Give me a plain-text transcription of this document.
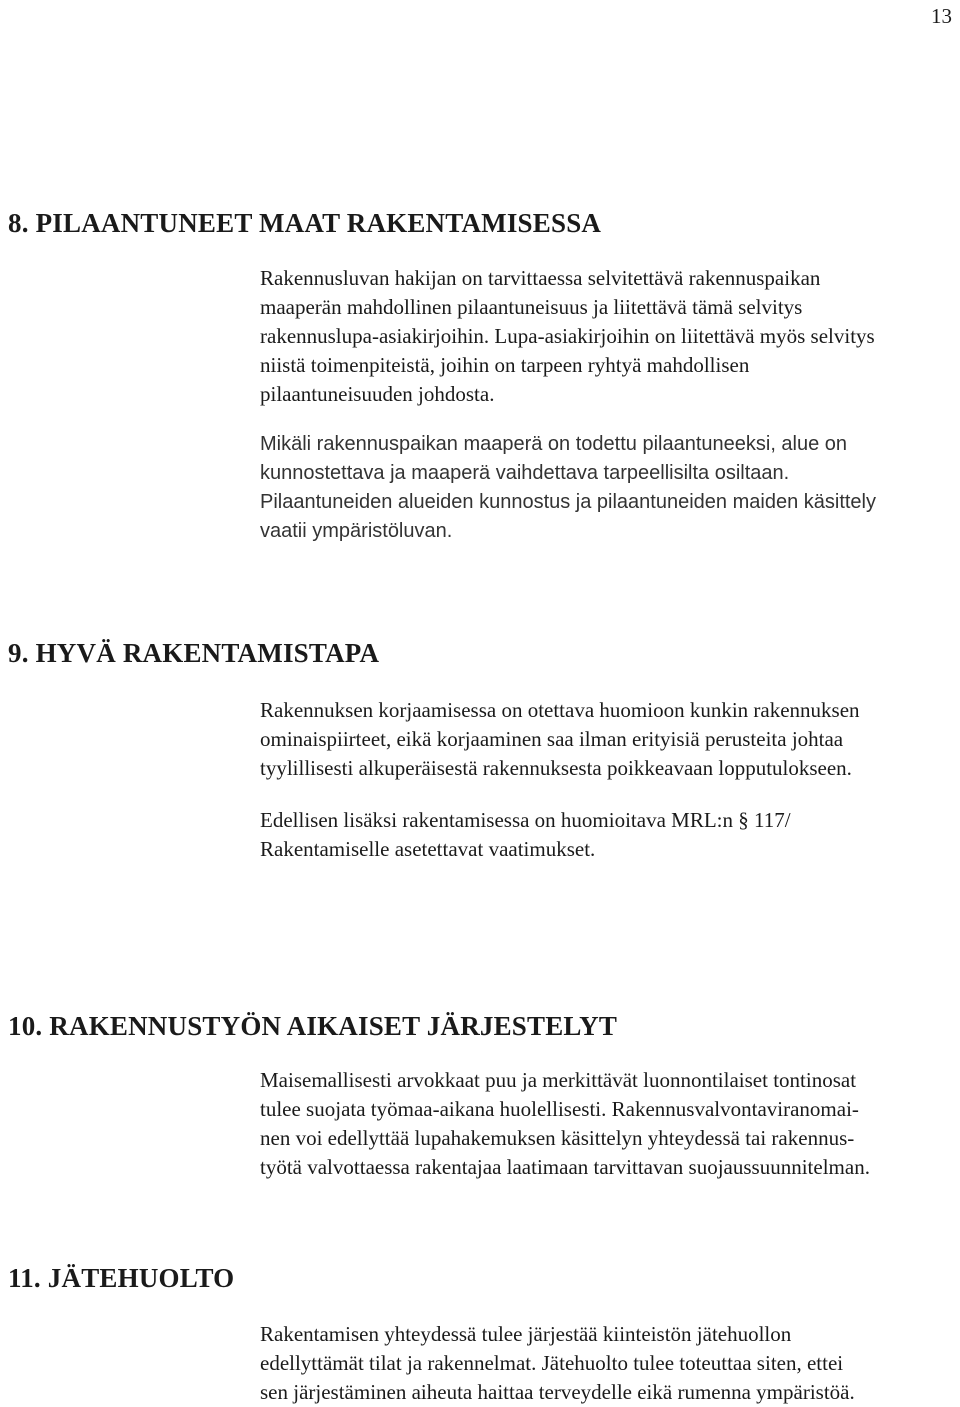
13
8. PILAANTUNEET MAAT RAKENTAMISESSA

Rakennusluvan hakijan on tarvittaessa selvitettävä rakennuspaikan
maaperän mahdollinen pilaantuneisuus ja liitettävä tämä selvitys
rakennuslupa-asiakirjoihin. Lupa-asiakirjoihin on liitettävä myös selvitys
niistä toimenpiteistä, joihin on tarpeen ryhtyä mahdollisen
pilaantuneisuuden johdosta.

Mikäli rakennuspaikan maaperä on todettu pilaantuneeksi, alue on
kunnostettava ja maaperä vaihdettava tarpeellisilta osiltaan.
Pilaantuneiden alueiden kunnostus ja pilaantuneiden maiden käsittely
vaatii ympäristöluvan.

9. HYVÄ RAKENTAMISTAPA

Rakennuksen korjaamisessa on otettava huomioon kunkin rakennuksen
ominaispiirteet, eikä korjaaminen saa ilman erityisiä perusteita johtaa
tyylillisesti alkuperäisestä rakennuksesta poikkeavaan lopputulokseen.

Edellisen lisäksi rakentamisessa on huomioitava MRL:n § 117/
Rakentamiselle asetettavat vaatimukset.

10. RAKENNUSTYÖN AIKAISET JÄRJESTELYT

Maisemallisesti arvokkaat puu ja merkittävät luonnontilaiset tontinosat
tulee suojata työmaa-aikana huolellisesti. Rakennusvalvontaviranomai-
nen voi edellyttää lupahakemuksen käsittelyn yhteydessä tai rakennus-
työtä valvottaessa rakentajaa laatimaan tarvittavan suojaussuunnitelman.

11. JÄTEHUOLTO

Rakentamisen yhteydessä tulee järjestää kiinteistön jätehuollon
edellyttämät tilat ja rakennelmat. Jätehuolto tulee toteuttaa siten, ettei
sen järjestäminen aiheuta haittaa terveydelle eikä rumenna ympäristöä.
